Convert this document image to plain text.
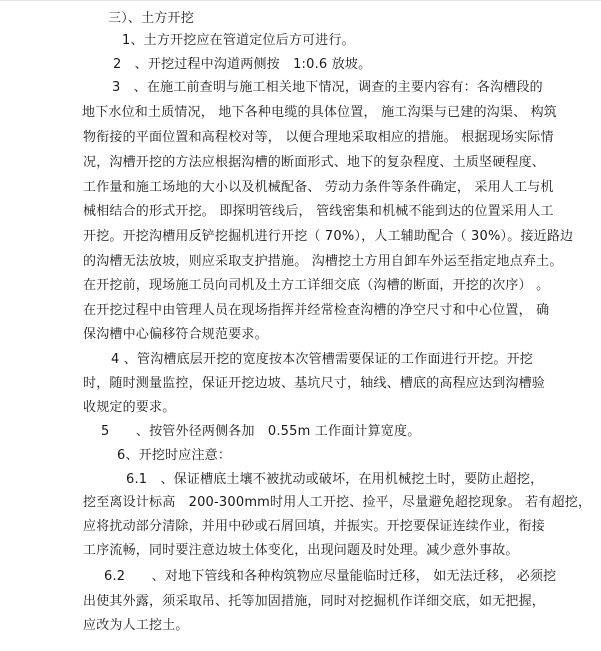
三）、土方开挖
1、土方开挖应在管道定位后方可进行。
2　、开挖过程中沟道两侧按　1:0.6 放坡。
3　、在施工前查明与施工相关地下情况，调查的主要内容有：各沟槽段的
地下水位和土质情况， 地下各种电缆的具体位置， 施工沟渠与已建的沟渠、 构筑
物衔接的平面位置和高程校对等， 以便合理地采取相应的措施。 根据现场实际情
况，沟槽开挖的方法应根据沟槽的断面形式、地下的复杂程度、土质坚硬程度、
工作量和施工场地的大小以及机械配备、 劳动力条件等条件确定， 采用人工与机
械相结合的形式开挖。 即探明管线后， 管线密集和机械不能到达的位置采用人工
开挖。开挖沟槽用反铲挖掘机进行开挖（ 70%），人工辅助配合（ 30%）。接近路边
的沟槽无法放坡，则应采取支护措施。 沟槽挖土方用自卸车外运至指定地点弃土。
在开挖前，现场施工员向司机及土方工详细交底（沟槽的断面，开挖的次序） 。
在开挖过程中由管理人员在现场指挥并经常检查沟槽的净空尺寸和中心位置， 确
保沟槽中心偏移符合规范要求。
4 、管沟槽底层开挖的宽度按本次管槽需要保证的工作面进行开挖。开挖
时，随时测量监控，保证开挖边坡、基坑尺寸，轴线、槽底的高程应达到沟槽验
收规定的要求。
5　　、按管外径两侧各加　0.55m 工作面计算宽度。
6、开挖时应注意：
6.1　、保证槽底土壤不被扰动或破坏，在用机械挖土时，要防止超挖，
挖至离设计标高　200-300mm时用人工开挖、捡平，尽量避免超挖现象。 若有超挖，
应将扰动部分清除，并用中砂或石屑回填，并振实。开挖要保证连续作业，衔接
工序流畅，同时要注意边坡土体变化，出现问题及时处理。减少意外事故。
6.2　　、对地下管线和各种构筑物应尽量能临时迁移， 如无法迁移， 必须挖
出使其外露，须采取吊、托等加固措施，同时对挖掘机作详细交底，如无把握，
应改为人工挖土。
